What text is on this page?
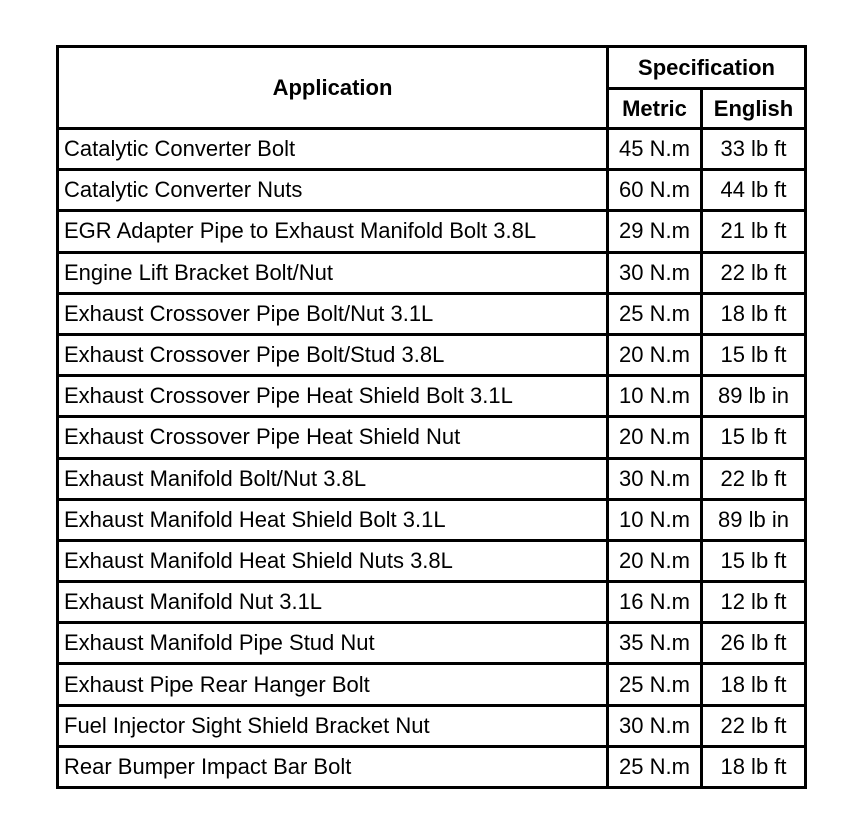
Application	Specification	
	Metric	English
Catalytic Converter Bolt	45 N.m	33 lb ft
Catalytic Converter Nuts	60 N.m	44 lb ft
EGR Adapter Pipe to Exhaust Manifold Bolt 3.8L	29 N.m	21 lb ft
Engine Lift Bracket Bolt/Nut	30 N.m	22 lb ft
Exhaust Crossover Pipe Bolt/Nut 3.1L	25 N.m	18 lb ft
Exhaust Crossover Pipe Bolt/Stud 3.8L	20 N.m	15 lb ft
Exhaust Crossover Pipe Heat Shield Bolt 3.1L	10 N.m	89 lb in
Exhaust Crossover Pipe Heat Shield Nut	20 N.m	15 lb ft
Exhaust Manifold Bolt/Nut 3.8L	30 N.m	22 lb ft
Exhaust Manifold Heat Shield Bolt 3.1L	10 N.m	89 lb in
Exhaust Manifold Heat Shield Nuts 3.8L	20 N.m	15 lb ft
Exhaust Manifold Nut 3.1L	16 N.m	12 lb ft
Exhaust Manifold Pipe Stud Nut	35 N.m	26 lb ft
Exhaust Pipe Rear Hanger Bolt	25 N.m	18 lb ft
Fuel Injector Sight Shield Bracket Nut	30 N.m	22 lb ft
Rear Bumper Impact Bar Bolt	25 N.m	18 lb ft
